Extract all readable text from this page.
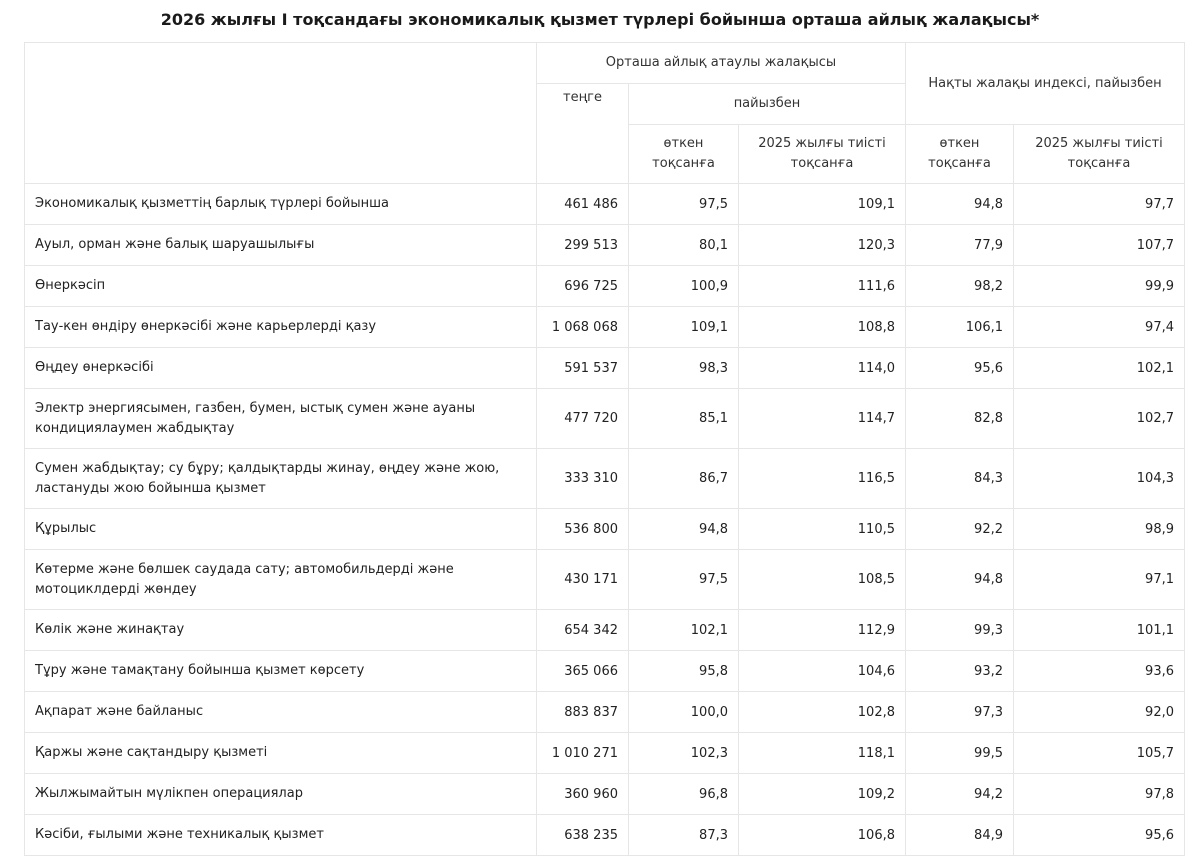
2026 жылғы I тоқсандағы экономикалық қызмет түрлері бойынша орташа айлық жалақысы*
	Орташа айлық атаулы жалақысы			Нақты жалақы индексі, пайызбен	
	теңге	пайызбен			
		өткен тоқсанға	2025 жылғы тиісті тоқсанға	өткен тоқсанға	2025 жылғы тиісті тоқсанға
Экономикалық қызметтің барлық түрлері бойынша	461 486	97,5	109,1	94,8	97,7
Ауыл, орман және балық шаруашылығы	299 513	80,1	120,3	77,9	107,7
Өнеркәсіп	696 725	100,9	111,6	98,2	99,9
Тау-кен өндіру өнеркәсібі және карьерлерді қазу	1 068 068	109,1	108,8	106,1	97,4
Өңдеу өнеркәсібі	591 537	98,3	114,0	95,6	102,1
Электр энергиясымен, газбен, бумен, ыстық сумен және ауаны кондициялаумен жабдықтау	477 720	85,1	114,7	82,8	102,7
Сумен жабдықтау; су бұру; қалдықтарды жинау, өңдеу және жою, ластануды жою бойынша қызмет	333 310	86,7	116,5	84,3	104,3
Құрылыс	536 800	94,8	110,5	92,2	98,9
Көтерме және бөлшек саудада сату; автомобильдерді және мотоциклдерді жөндеу	430 171	97,5	108,5	94,8	97,1
Көлік және жинақтау	654 342	102,1	112,9	99,3	101,1
Тұру және тамақтану бойынша қызмет көрсету	365 066	95,8	104,6	93,2	93,6
Ақпарат және байланыс	883 837	100,0	102,8	97,3	92,0
Қаржы және сақтандыру қызметі	1 010 271	102,3	118,1	99,5	105,7
Жылжымайтын мүлікпен операциялар	360 960	96,8	109,2	94,2	97,8
Кәсіби, ғылыми және техникалық қызмет	638 235	87,3	106,8	84,9	95,6
